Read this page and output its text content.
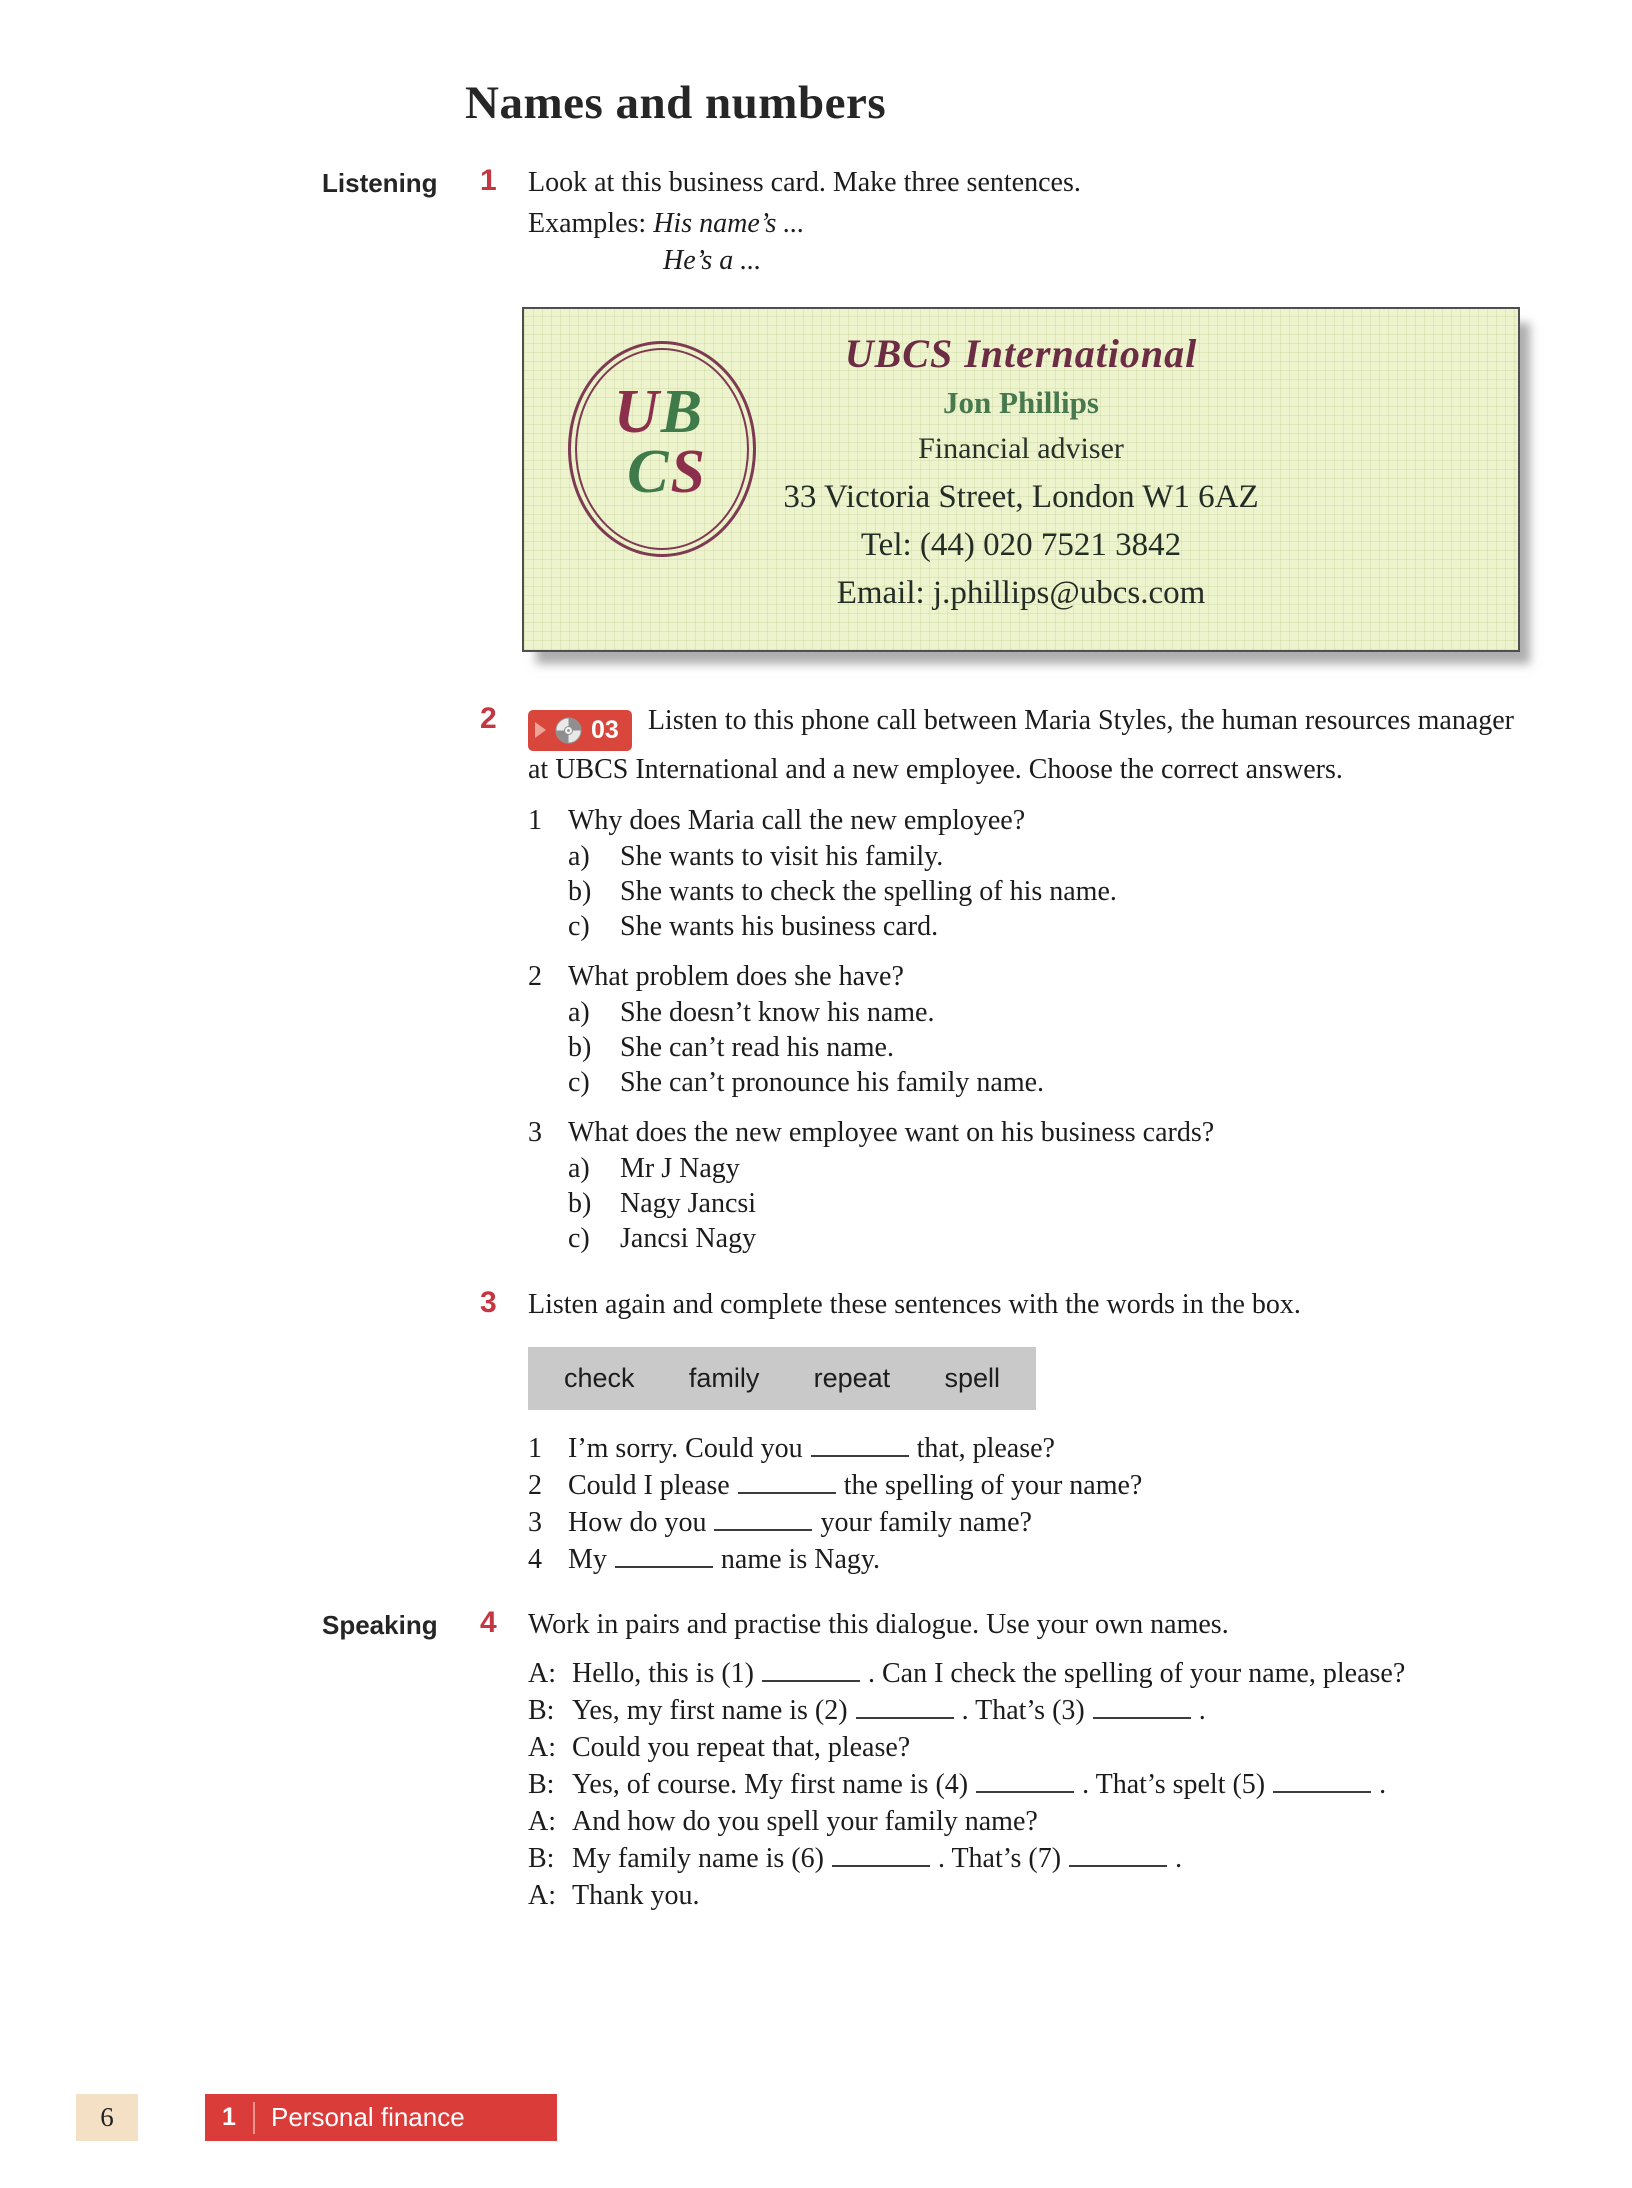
Names and numbers
Listening	1	Look at this business card. Make three sentences.

Examples: His name’s ...
He’s a ...
UB
CS
UBCS International
Jon Phillips
Financial adviser
33 Victoria Street, London W1 6AZ
Tel: (44) 020 7521 3842
Email: j.phillips@ubcs.com
2	03 Listen to this phone call between Maria Styles, the human resources manager at UBCS International and a new employee. Choose the correct answers.

1 Why does Maria call the new employee?
a)	She wants to visit his family.
b)	She wants to check the spelling of his name.
c)	She wants his business card.
2 What problem does she have?
a)	She doesn’t know his name.
b)	She can’t read his name.
c)	She can’t pronounce his family name.
3 What does the new employee want on his business cards?
a)	Mr J Nagy
b)	Nagy Jancsi
c)	Jancsi Nagy
3	Listen again and complete these sentences with the words in the box.

check family repeat spell
1 I’m sorry. Could you	that, please?
2 Could I please	the spelling of your name?
3 How do you	your family name?
4 My	name is Nagy.
Speaking	4	Work in pairs and practise this dialogue. Use your own names.

A: Hello, this is (1)	. Can I check the spelling of your name, please?
B: Yes, my first name is (2)	. That’s (3)	.
A: Could you repeat that, please?
B: Yes, of course. My first name is (4)	. That’s spelt (5)	.
A: And how do you spell your family name?
B: My family name is (6)	. That’s (7)	.
A: Thank you.
6	1	Personal finance
